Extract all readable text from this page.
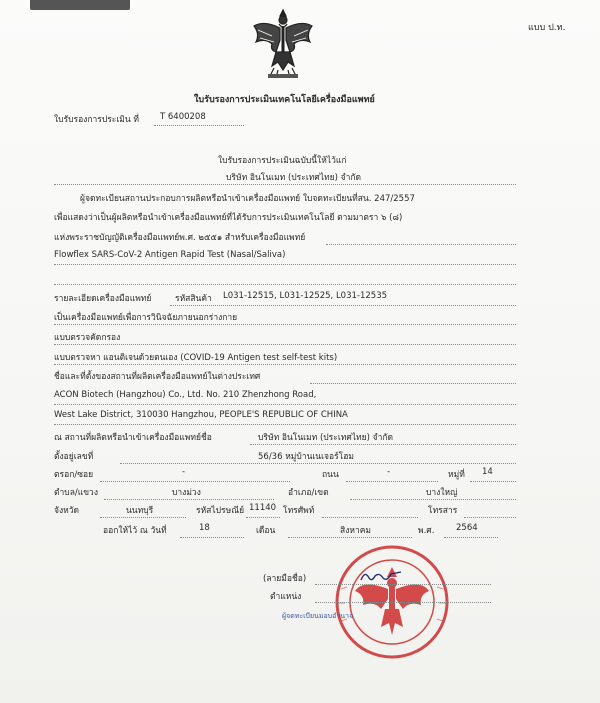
แบบ ป.ท.
ใบรับรองการประเมินเทคโนโลยีเครื่องมือแพทย์
ใบรับรองการประเมิน ที่ T 6400208
ใบรับรองการประเมินฉบับนี้ให้ไว้แก่
บริษัท อินโนเมท (ประเทศไทย) จำกัด
ผู้จดทะเบียนสถานประกอบการผลิตหรือนำเข้าเครื่องมือแพทย์ ใบจดทะเบียนที่สน. 247/2557
เพื่อแสดงว่าเป็นผู้ผลิตหรือนำเข้าเครื่องมือแพทย์ที่ได้รับการประเมินเทคโนโลยี ตามมาตรา ๖ (๘)
แห่งพระราชบัญญัติเครื่องมือแพทย์พ.ศ. ๒๕๕๑ สำหรับเครื่องมือแพทย์
Flowflex SARS-CoV-2 Antigen Rapid Test (Nasal/Saliva)
รายละเอียดเครื่องมือแพทย์	รหัสสินค้า L031-12515, L031-12525, L031-12535
เป็นเครื่องมือแพทย์เพื่อการวินิจฉัยภายนอกร่างกาย
แบบตรวจคัดกรอง
แบบตรวจหา แอนติเจนด้วยตนเอง (COVID-19 Antigen test self-test kits)
ชื่อและที่ตั้งของสถานที่ผลิตเครื่องมือแพทย์ในต่างประเทศ
ACON Biotech (Hangzhou) Co., Ltd. No. 210 Zhenzhong Road,
West Lake District, 310030 Hangzhou, PEOPLE'S REPUBLIC OF CHINA
ณ สถานที่ผลิตหรือนำเข้าเครื่องมือแพทย์ชื่อ	บริษัท อินโนเมท (ประเทศไทย) จำกัด
ตั้งอยู่เลขที่	56/36 หมู่บ้านเนเจอร์โฮม
ตรอก/ซอย	-	ถนน	-	หมู่ที่ 14
ตำบล/แขวง	บางม่วง	อำเภอ/เขต	บางใหญ่
จังหวัด	นนทบุรี	รหัสไปรษณีย์ 11140 โทรศัพท์	โทรสาร
ออกให้ไว้ ณ วันที่	18	เดือน	สิงหาคม	พ.ศ.	2564
(ลายมือชื่อ)
ตำแหน่ง
ผู้จดทะเบียนมอบอำนาจ
